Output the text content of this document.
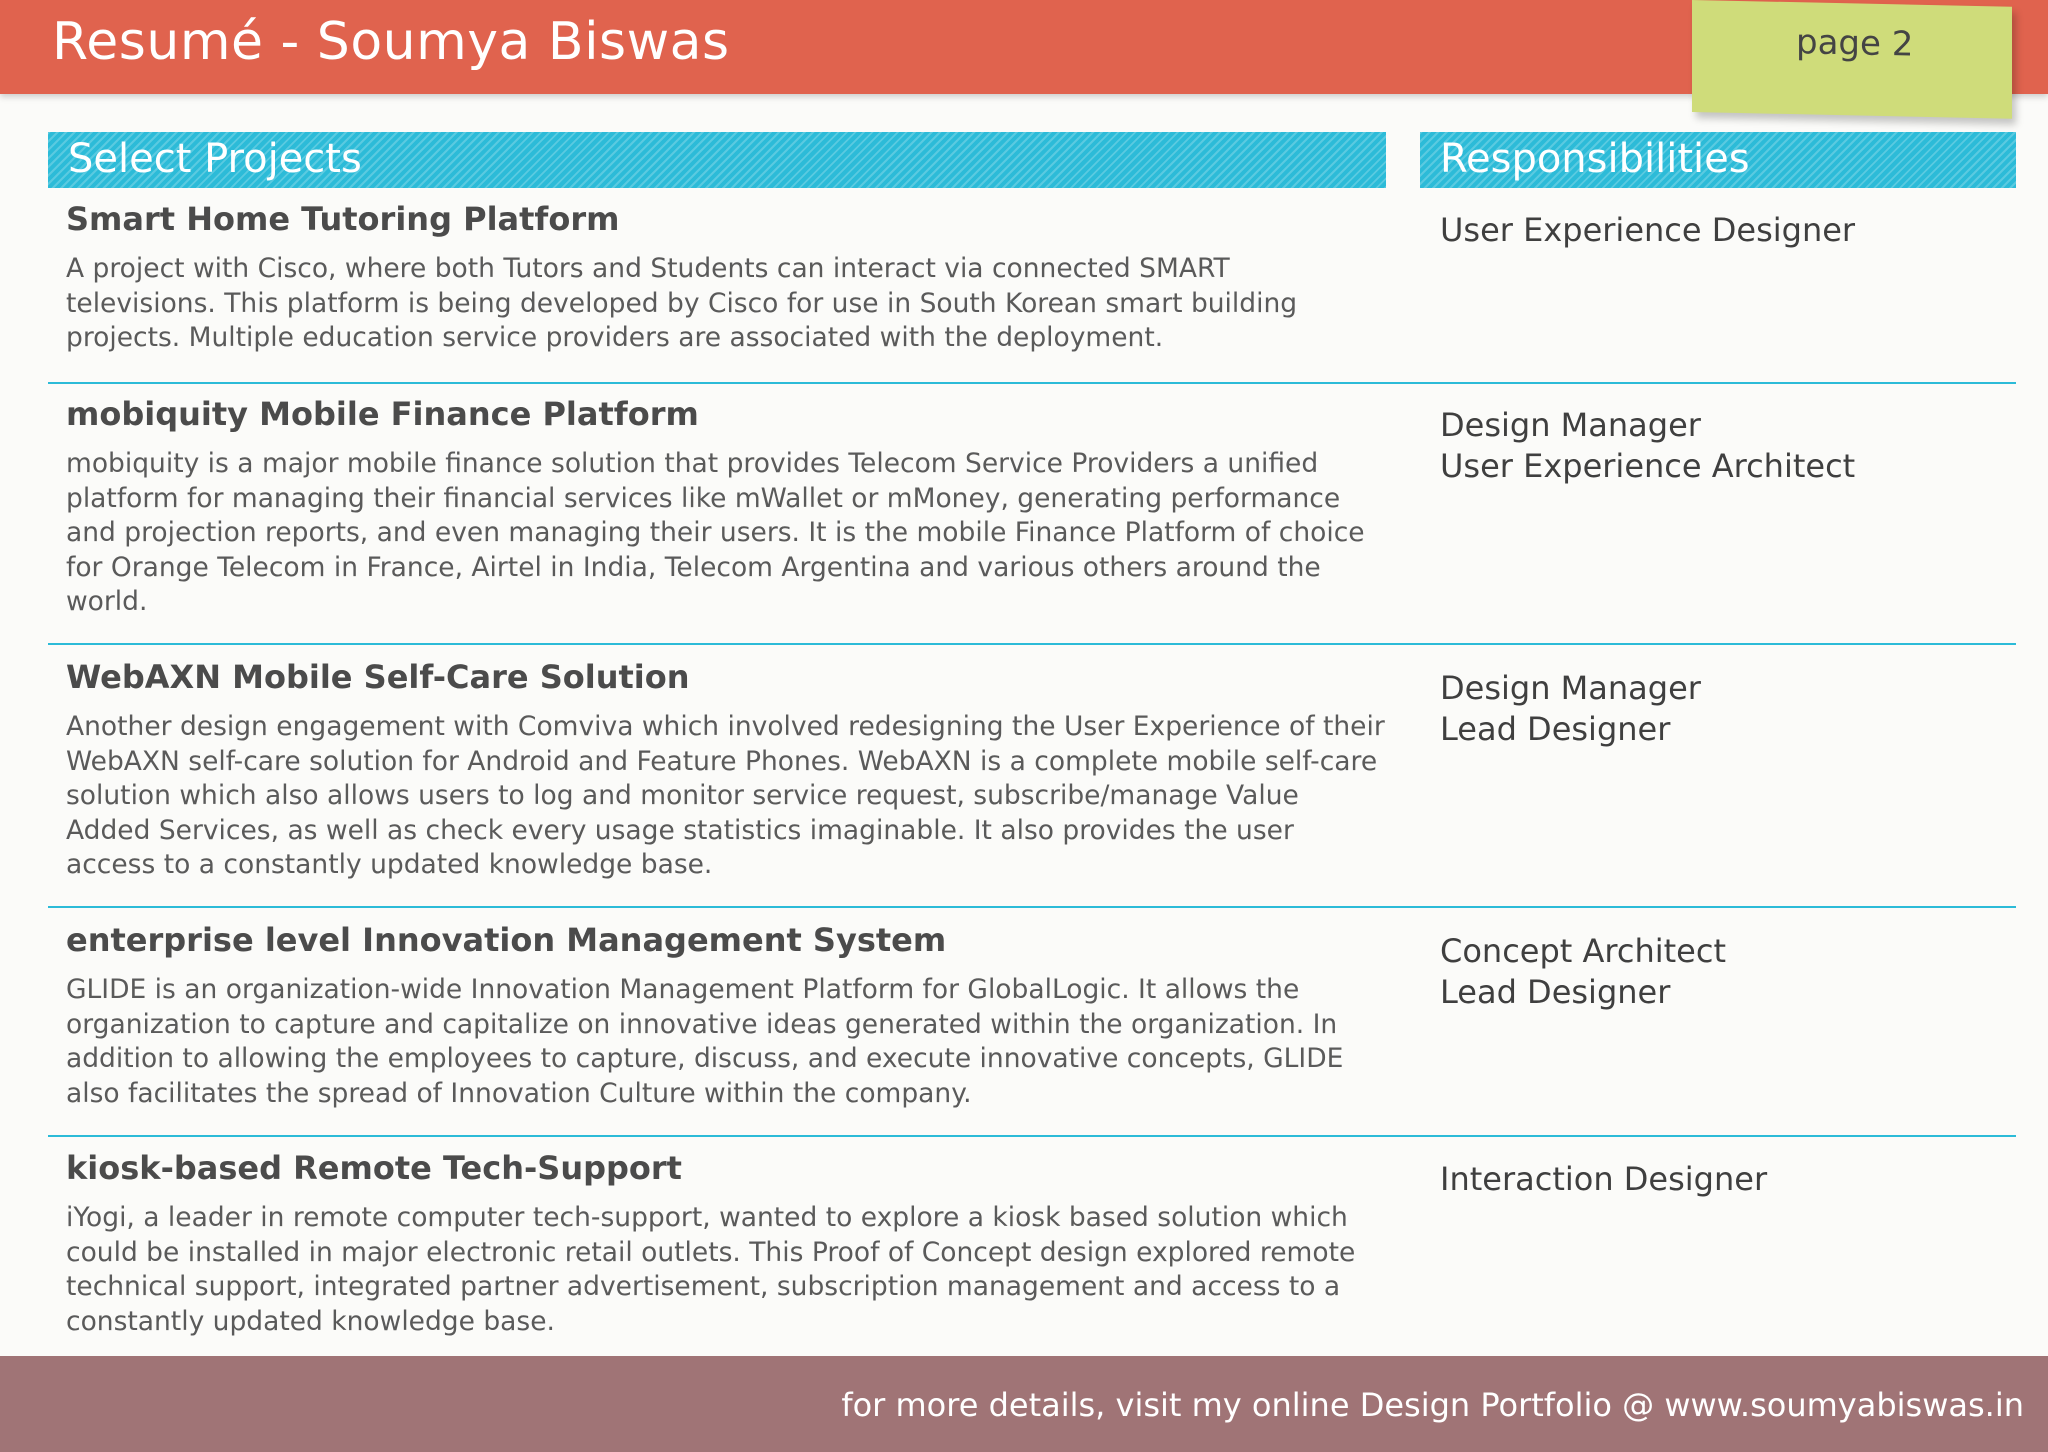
Resumé - Soumya Biswas	page 2
Select Projects	Responsibilities
Smart Home Tutoring Platform
A project with Cisco, where both Tutors and Students can interact via connected SMART televisions. This platform is being developed by Cisco for use in South Korean smart building projects. Multiple education service providers are associated with the deployment.
User Experience Designer
mobiquity Mobile Finance Platform
mobiquity is a major mobile finance solution that provides Telecom Service Providers a unified platform for managing their financial services like mWallet or mMoney, generating performance and projection reports, and even managing their users. It is the mobile Finance Platform of choice for Orange Telecom in France, Airtel in India, Telecom Argentina and various others around the world.
Design Manager
User Experience Architect
WebAXN Mobile Self-Care Solution
Another design engagement with Comviva which involved redesigning the User Experience of their WebAXN self-care solution for Android and Feature Phones. WebAXN is a complete mobile self-care solution which also allows users to log and monitor service request, subscribe/manage Value Added Services, as well as check every usage statistics imaginable. It also provides the user access to a constantly updated knowledge base.
Design Manager
Lead Designer
enterprise level Innovation Management System
GLIDE is an organization-wide Innovation Management Platform for GlobalLogic. It allows the organization to capture and capitalize on innovative ideas generated within the organization. In addition to allowing the employees to capture, discuss, and execute innovative concepts, GLIDE also facilitates the spread of Innovation Culture within the company.
Concept Architect
Lead Designer
kiosk-based Remote Tech-Support
iYogi, a leader in remote computer tech-support, wanted to explore a kiosk based solution which could be installed in major electronic retail outlets. This Proof of Concept design explored remote technical support, integrated partner advertisement, subscription management and access to a constantly updated knowledge base.
Interaction Designer
for more details, visit my online Design Portfolio @ www.soumyabiswas.in
